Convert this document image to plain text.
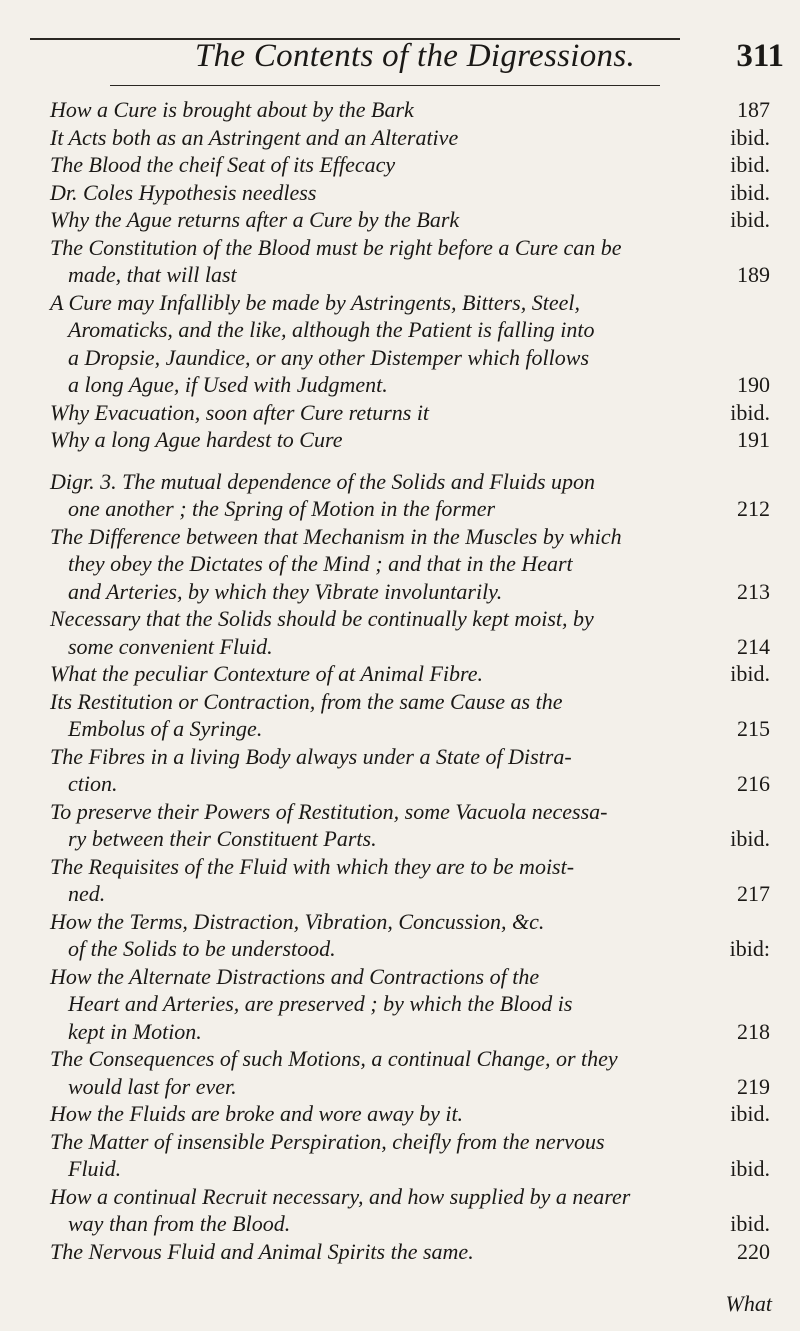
The Contents of the Digressions.	311
How a Cure is brought about by the Bark	187
It Acts both as an Astringent and an Alterative	ibid.
The Blood the cheif Seat of its Effecacy	ibid.
Dr. Coles Hypothesis needless	ibid.
Why the Ague returns after a Cure by the Bark	ibid.
The Constitution of the Blood must be right before a Cure can be
made, that will last	189
A Cure may Infallibly be made by Astringents, Bitters, Steel,
Aromaticks, and the like, although the Patient is falling into
a Dropsie, Jaundice, or any other Distemper which follows
a long Ague, if Used with Judgment.	190
Why Evacuation, soon after Cure returns it	ibid.
Why a long Ague hardest to Cure	191
Digr. 3. The mutual dependence of the Solids and Fluids upon
one another ; the Spring of Motion in the former	212
The Difference between that Mechanism in the Muscles by which
they obey the Dictates of the Mind ; and that in the Heart
and Arteries, by which they Vibrate involuntarily.	213
Necessary that the Solids should be continually kept moist, by
some convenient Fluid.	214
What the peculiar Contexture of at Animal Fibre.	ibid.
Its Restitution or Contraction, from the same Cause as the
Embolus of a Syringe.	215
The Fibres in a living Body always under a State of Distra-
ction.	216
To preserve their Powers of Restitution, some Vacuola necessa-
ry between their Constituent Parts.	ibid.
The Requisites of the Fluid with which they are to be moist-
ned.	217
How the Terms, Distraction, Vibration, Concussion, &c.
of the Solids to be understood.	ibid:
How the Alternate Distractions and Contractions of the
Heart and Arteries, are preserved ; by which the Blood is
kept in Motion.	218
The Consequences of such Motions, a continual Change, or they
would last for ever.	219
How the Fluids are broke and wore away by it.	ibid.
The Matter of insensible Perspiration, cheifly from the nervous
Fluid.	ibid.
How a continual Recruit necessary, and how supplied by a nearer
way than from the Blood.	ibid.
The Nervous Fluid and Animal Spirits the same.	220
What
